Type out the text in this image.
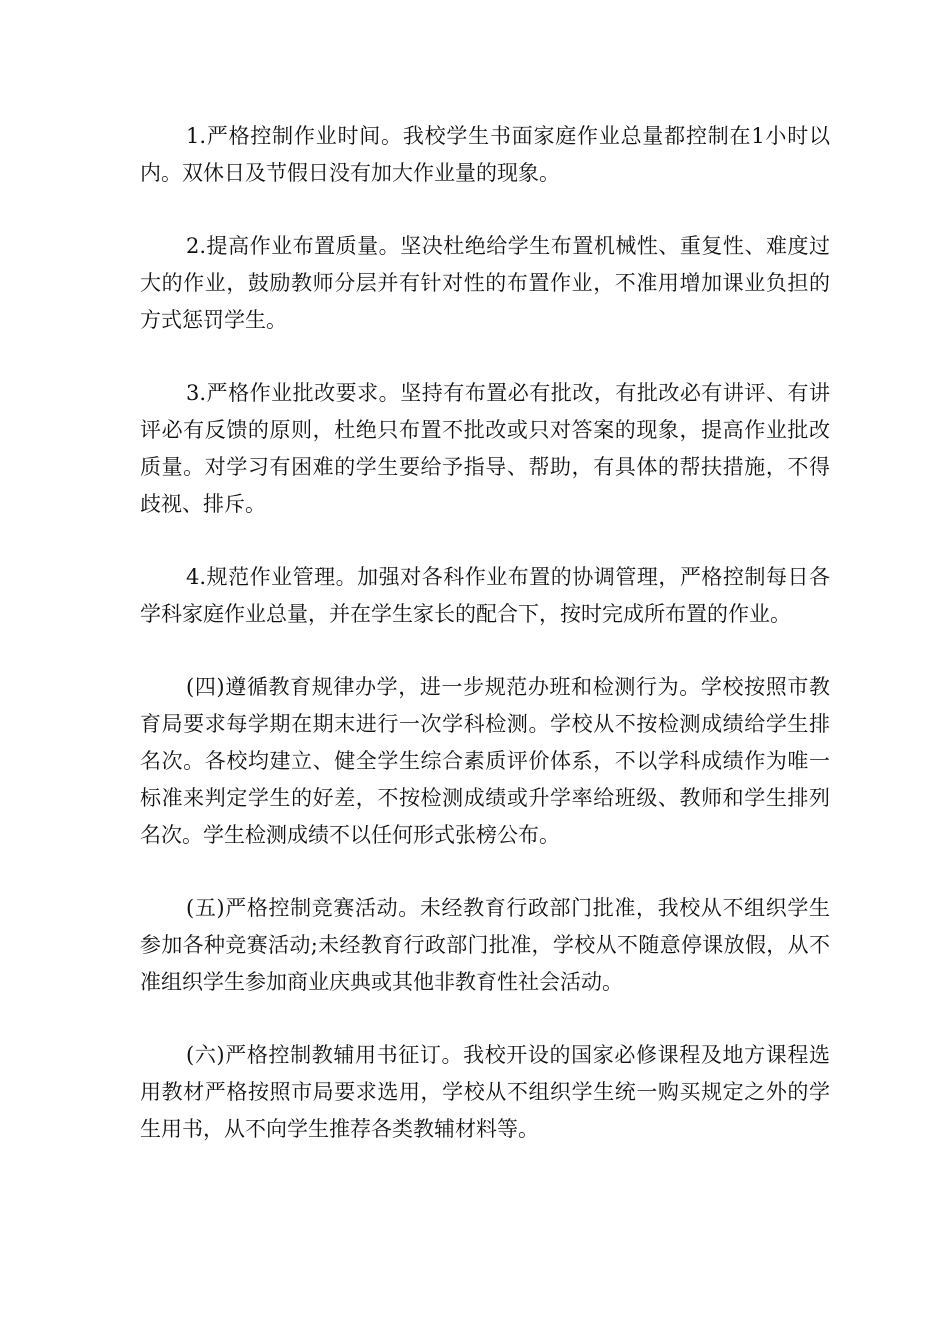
1.严格控制作业时间。我校学生书面家庭作业总量都控制在1小时以内。双休日及节假日没有加大作业量的现象。

2.提高作业布置质量。坚决杜绝给学生布置机械性、重复性、难度过大的作业，鼓励教师分层并有针对性的布置作业，不准用增加课业负担的方式惩罚学生。

3.严格作业批改要求。坚持有布置必有批改，有批改必有讲评、有讲评必有反馈的原则，杜绝只布置不批改或只对答案的现象，提高作业批改质量。对学习有困难的学生要给予指导、帮助，有具体的帮扶措施，不得歧视、排斥。

4.规范作业管理。加强对各科作业布置的协调管理，严格控制每日各学科家庭作业总量，并在学生家长的配合下，按时完成所布置的作业。

(四)遵循教育规律办学，进一步规范办班和检测行为。学校按照市教育局要求每学期在期末进行一次学科检测。学校从不按检测成绩给学生排名次。各校均建立、健全学生综合素质评价体系，不以学科成绩作为唯一标准来判定学生的好差，不按检测成绩或升学率给班级、教师和学生排列名次。学生检测成绩不以任何形式张榜公布。

(五)严格控制竞赛活动。未经教育行政部门批准，我校从不组织学生参加各种竞赛活动;未经教育行政部门批准，学校从不随意停课放假，从不准组织学生参加商业庆典或其他非教育性社会活动。

(六)严格控制教辅用书征订。我校开设的国家必修课程及地方课程选用教材严格按照市局要求选用，学校从不组织学生统一购买规定之外的学生用书，从不向学生推荐各类教辅材料等。
